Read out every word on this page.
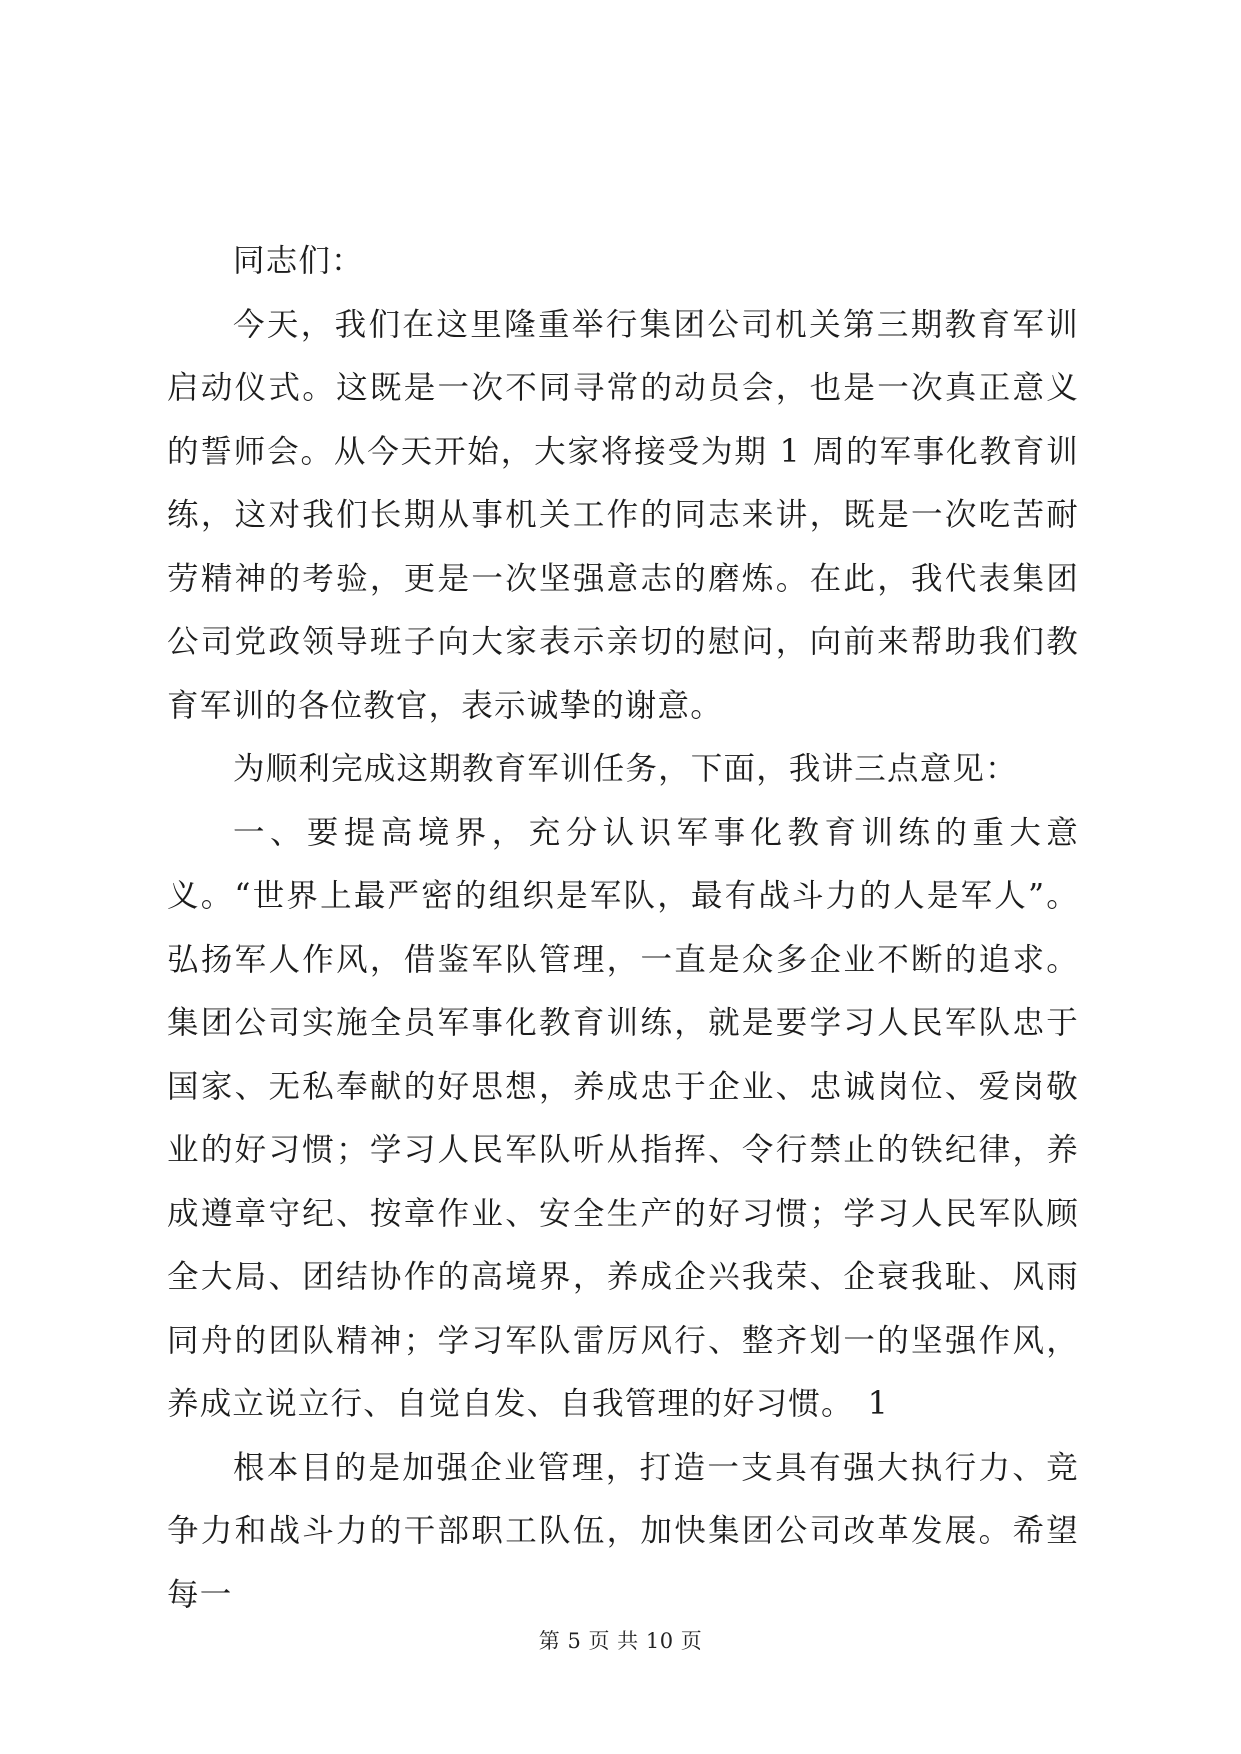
同志们：

今天，我们在这里隆重举行集团公司机关第三期教育军训启动仪式。这既是一次不同寻常的动员会，也是一次真正意义的誓师会。从今天开始，大家将接受为期 1 周的军事化教育训练，这对我们长期从事机关工作的同志来讲，既是一次吃苦耐劳精神的考验，更是一次坚强意志的磨炼。在此，我代表集团公司党政领导班子向大家表示亲切的慰问，向前来帮助我们教育军训的各位教官，表示诚挚的谢意。

为顺利完成这期教育军训任务，下面，我讲三点意见：

一、要提高境界，充分认识军事化教育训练的重大意义。“世界上最严密的组织是军队，最有战斗力的人是军人”。弘扬军人作风，借鉴军队管理，一直是众多企业不断的追求。集团公司实施全员军事化教育训练，就是要学习人民军队忠于国家、无私奉献的好思想，养成忠于企业、忠诚岗位、爱岗敬业的好习惯；学习人民军队听从指挥、令行禁止的铁纪律，养成遵章守纪、按章作业、安全生产的好习惯；学习人民军队顾全大局、团结协作的高境界，养成企兴我荣、企衰我耻、风雨同舟的团队精神；学习军队雷厉风行、整齐划一的坚强作风，养成立说立行、自觉自发、自我管理的好习惯。 1

根本目的是加强企业管理，打造一支具有强大执行力、竞争力和战斗力的干部职工队伍，加快集团公司改革发展。希望每一

第 5 页 共 10 页
